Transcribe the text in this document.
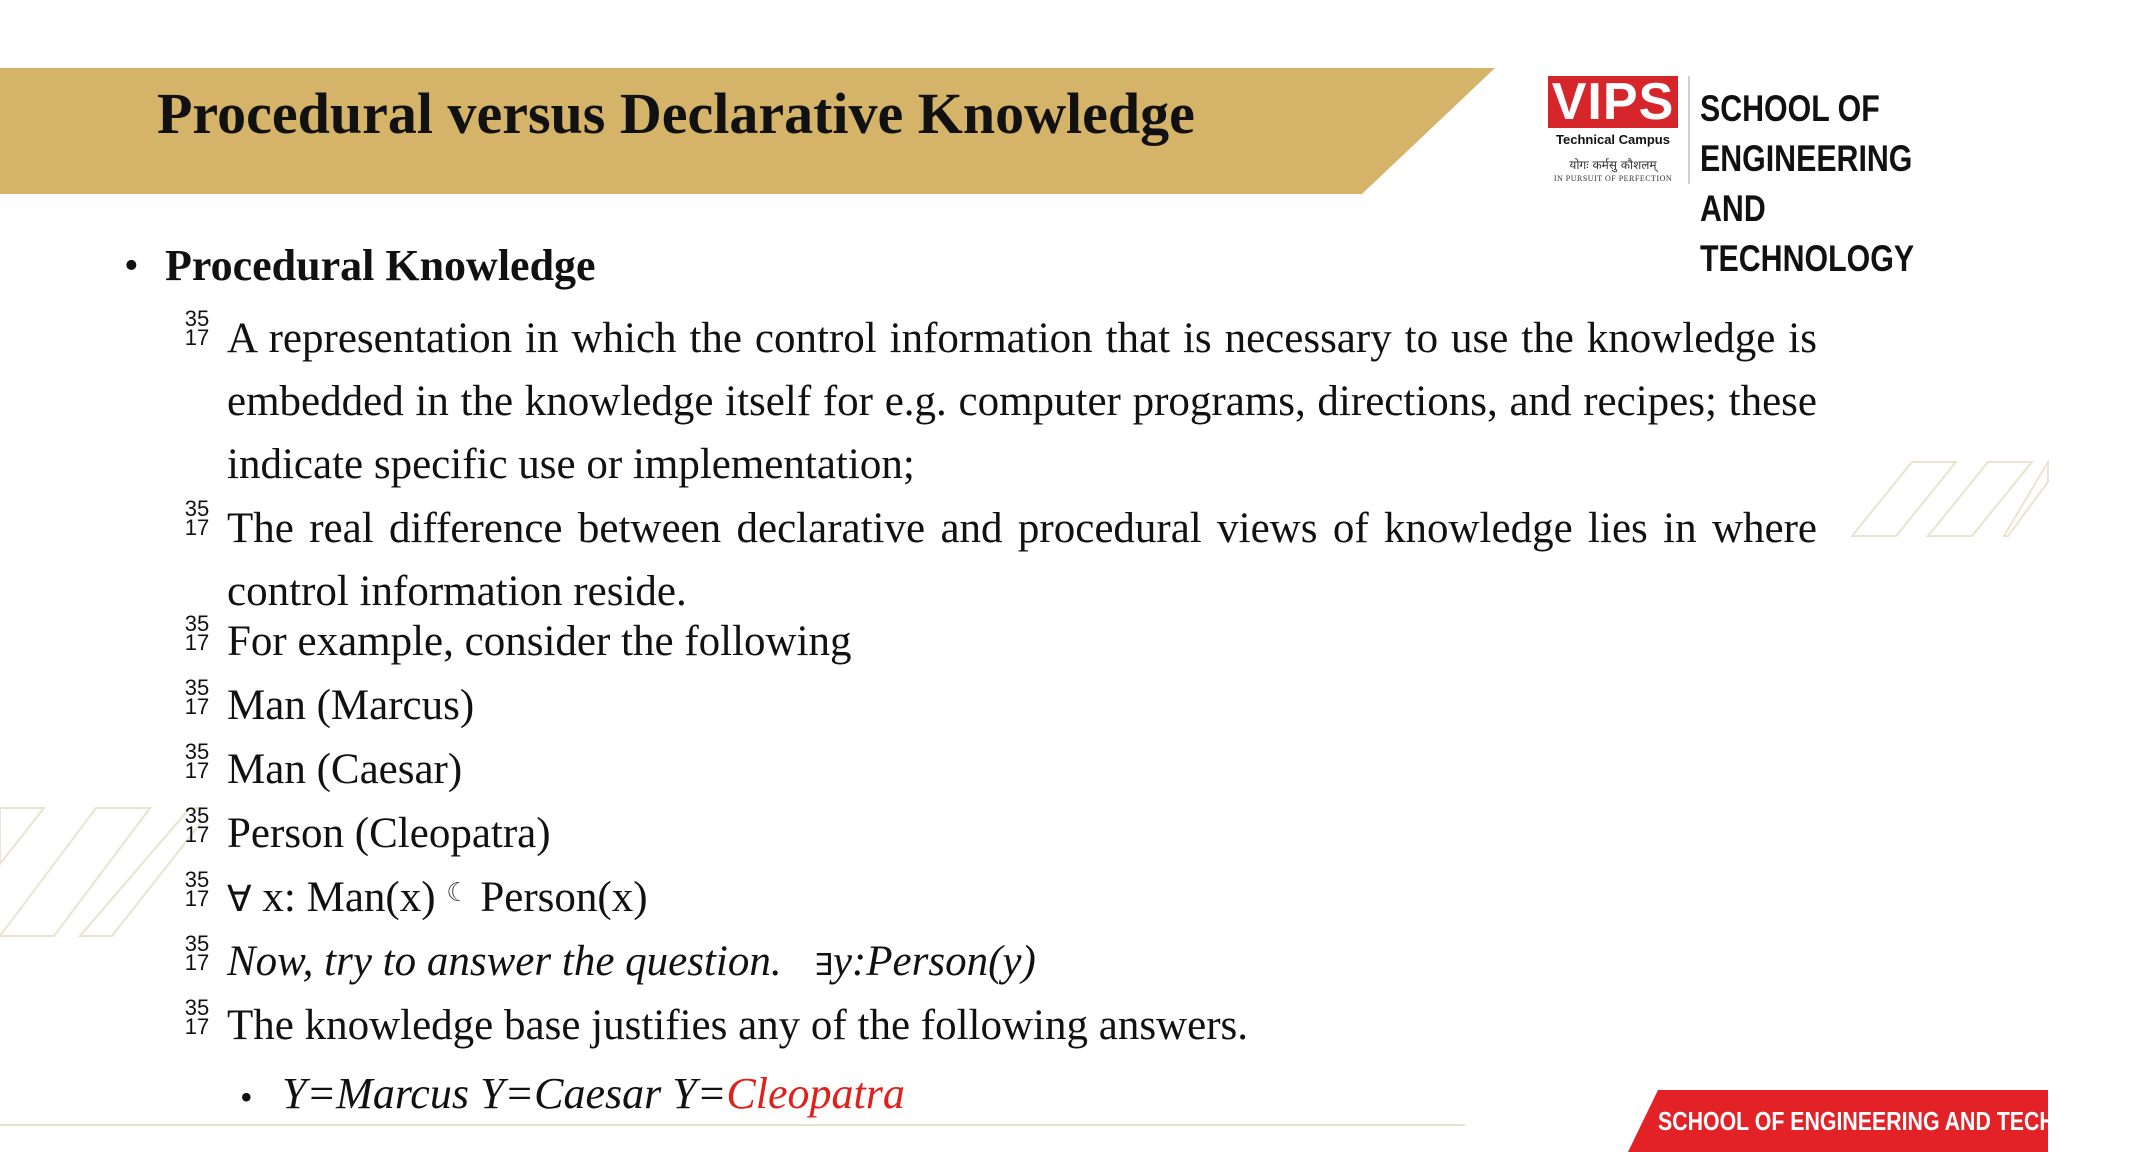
Procedural versus Declarative Knowledge	VIPS
Technical Campus
योगः कर्मसु कौशलम्
IN PURSUIT OF PERFECTION
SCHOOL OF ENGINEERING
AND TECHNOLOGY
• Procedural Knowledge
35
17 A representation in which the control information that is necessary to use the knowledge is embedded in the knowledge itself for e.g. computer programs, directions, and recipes; these indicate specific use or implementation;
35
17 The real difference between declarative and procedural views of knowledge lies in where control information reside.
35
17 For example, consider the following
35
17 Man (Marcus)
35
17 Man (Caesar)
35
17 Person (Cleopatra)
35
17 ∀ x: Man(x) ☾ Person(x)
35
17 Now, try to answer the question. ∃y:Person(y)
35
17 The knowledge base justifies any of the following answers.
• Y=Marcus Y=Caesar Y=Cleopatra
SCHOOL OF ENGINEERING AND TECHNOLOGY
